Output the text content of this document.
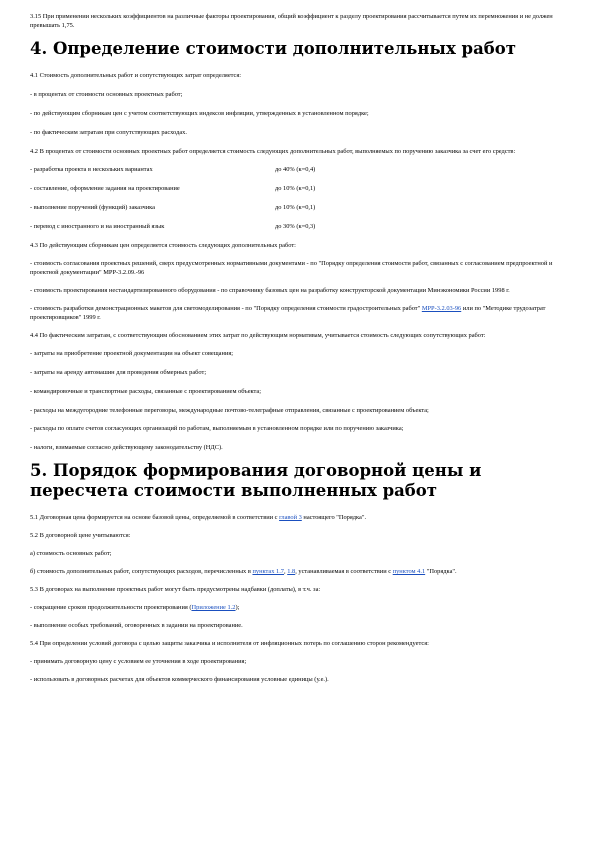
3.15 При применении нескольких коэффициентов на различные факторы проектирования, общий коэффициент к разделу проектирования рассчитывается путем их перемножения и не должен превышать 1,75.

4. Определение стоимости дополнительных работ

4.1 Стоимость дополнительных работ и сопутствующих затрат определяется:

- в процентах от стоимости основных проектных работ;

- по действующим сборникам цен с учетом соответствующих индексов инфляции, утвержденных в установленном порядке;

- по фактическим затратам при сопутствующих расходах.

4.2 В процентах от стоимости основных проектных работ определяется стоимость следующих дополнительных работ, выполняемых по поручению заказчика за счет его средств:

- разработка проекта в нескольких вариантах	до 40% (к=0,4)
- составление, оформление задания на проектирование	до 10% (к=0,1)
- выполнение поручений (функций) заказчика	до 10% (к=0,1)
- перевод с иностранного и на иностранный язык	до 30% (к=0,3)

4.3 По действующим сборникам цен определяется стоимость следующих дополнительных работ:

- стоимость согласования проектных решений, сверх предусмотренных нормативными документами - по "Порядку определения стоимости работ, связанных с согласованием предпроектной и проектной документации" МРР-3.2.09.-96

- стоимость проектирования нестандартизированного оборудования - по справочнику базовых цен на разработку конструкторской документации Минэкономики России 1998 г.

- стоимость разработки демонстрационных макетов для светомоделирования - по "Порядку определения стоимости градостроительных работ" МРР-3.2.03-96 или по "Методике трудозатрат проектировщиков" 1999 г.

4.4 По фактическим затратам, с соответствующим обоснованием этих затрат по действующим нормативам, учитывается стоимость следующих сопутствующих работ:

- затраты на приобретение проектной документации на объект совещания;

- затраты на аренду автомашин для проведения обмерных работ;

- командировочные и транспортные расходы, связанные с проектированием объекта;

- расходы на междугородние телефонные переговоры, международные почтово-телеграфные отправления, связанные с проектированием объекта;

- расходы по оплате счетов согласующих организаций по работам, выполняемым в установленном порядке или по поручению заказчика;

- налоги, взимаемые согласно действующему законодательству (НДС).

5. Порядок формирования договорной цены и пересчета стоимости выполненных работ

5.1 Договорная цена формируется на основе базовой цены, определяемой в соответствии с главой 3 настоящего "Порядка".

5.2 В договорной цене учитываются:

а) стоимость основных работ;

б) стоимость дополнительных работ, сопутствующих расходов, перечисленных в пунктах 1.7, 1.8, устанавливаемая в соответствии с пунктом 4.1 "Порядка".

5.3 В договорах на выполнение проектных работ могут быть предусмотрены надбавки (доплаты), в т.ч. за:

- сокращение сроков продолжительности проектирования (Приложение 1.2);

- выполнение особых требований, оговоренных в задании на проектирование.

5.4 При определении условий договора с целью защиты заказчика и исполнителя от инфляционных потерь по соглашению сторон рекомендуется:

- принимать договорную цену с условием ее уточнения в ходе проектирования;

- использовать в договорных расчетах для объектов коммерческого финансирования условные единицы (у.е.).
